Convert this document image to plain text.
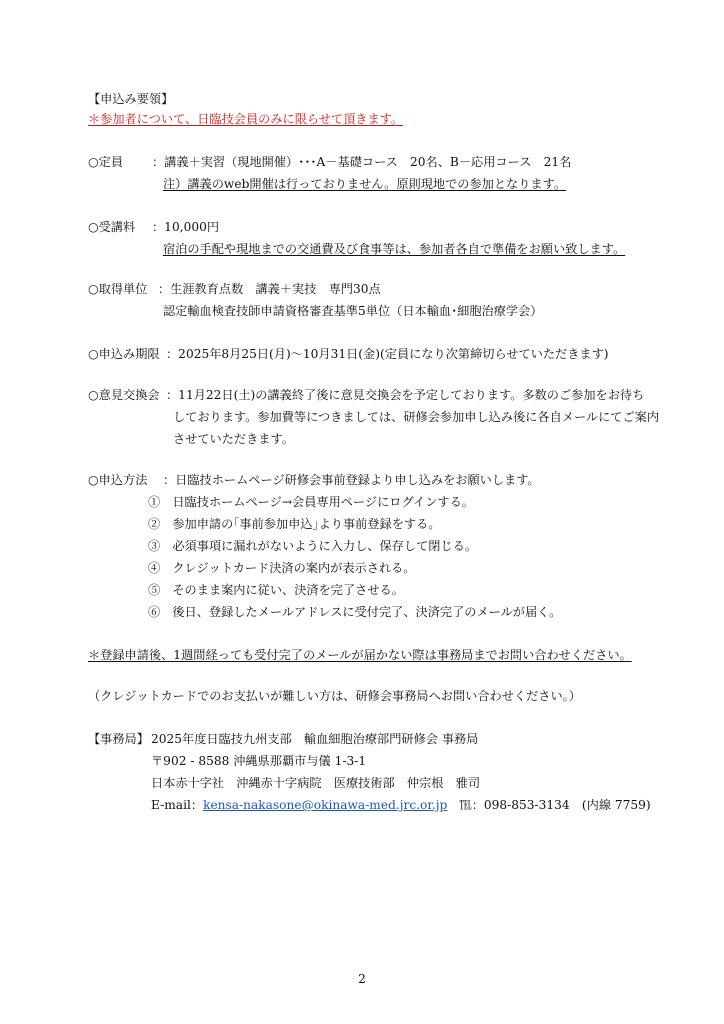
【申込み要領】
＊参加者について、日臨技会員のみに限らせて頂きます。
○定員 ：講義＋実習（現地開催）･･･A－基礎コース　20名、B－応用コース　21名
注）講義のweb開催は行っておりません。原則現地での参加となります。
○受講料 ：10,000円
宿泊の手配や現地までの交通費及び食事等は、参加者各自で準備をお願い致します。
○取得単位 ：生涯教育点数　講義＋実技　専門30点
認定輸血検査技師申請資格審査基準5単位（日本輸血･細胞治療学会）
○申込み期限 ：2025年8月25日(月)～10月31日(金)(定員になり次第締切らせていただきます)
○意見交換会 ：11月22日(土)の講義終了後に意見交換会を予定しております。多数のご参加をお待ち
しております。参加費等につきましては、研修会参加申し込み後に各自メールにてご案内
させていただきます。
○申込方法 ：日臨技ホームページ研修会事前登録より申し込みをお願いします。
①　日臨技ホームページ→会員専用ページにログインする。
②　参加申請の｢事前参加申込｣より事前登録をする。
③　必須事項に漏れがないように入力し、保存して閉じる。
④　クレジットカード決済の案内が表示される。
⑤　そのまま案内に従い、決済を完了させる。
⑥　後日、登録したメールアドレスに受付完了、決済完了のメールが届く。
＊登録申請後、1週間経っても受付完了のメールが届かない際は事務局までお問い合わせください。
（クレジットカードでのお支払いが難しい方は、研修会事務局へお問い合わせください。）
【事務局】 2025年度日臨技九州支部　輸血細胞治療部門研修会 事務局
〒902 - 8588 沖縄県那覇市与儀 1-3-1
日本赤十字社　沖縄赤十字病院　医療技術部　仲宗根　雅司
E-mail：kensa-nakasone@okinawa-med.jrc.or.jp　 ℡：098-853-3134　(内線 7759)
2
